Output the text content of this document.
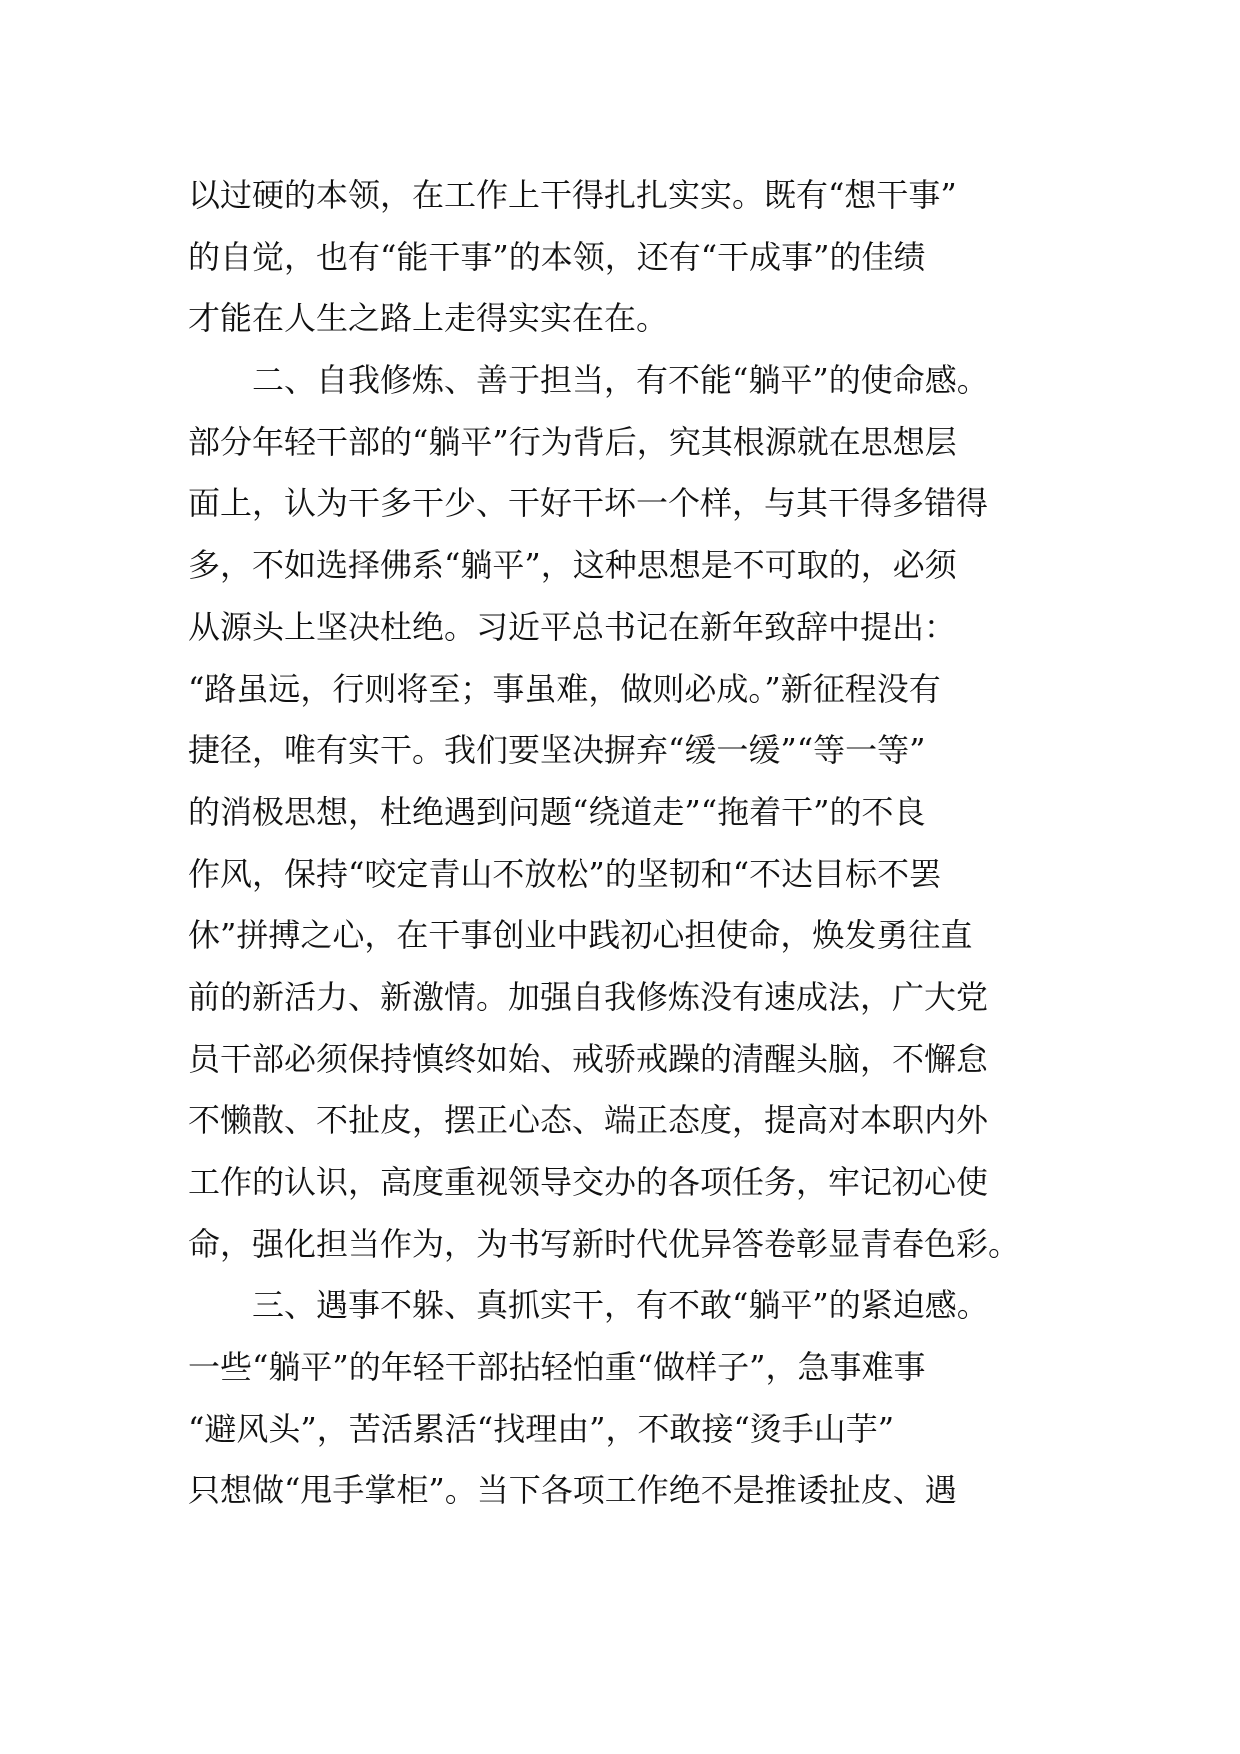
以过硬的本领，在工作上干得扎扎实实。既有“想干事”
的自觉，也有“能干事”的本领，还有“干成事”的佳绩
才能在人生之路上走得实实在在。
二、自我修炼、善于担当，有不能“躺平”的使命感。
部分年轻干部的“躺平”行为背后，究其根源就在思想层
面上，认为干多干少、干好干坏一个样，与其干得多错得
多，不如选择佛系“躺平”，这种思想是不可取的，必须
从源头上坚决杜绝。习近平总书记在新年致辞中提出：
“路虽远，行则将至；事虽难，做则必成。”新征程没有
捷径，唯有实干。我们要坚决摒弃“缓一缓”“等一等”
的消极思想，杜绝遇到问题“绕道走”“拖着干”的不良
作风，保持“咬定青山不放松”的坚韧和“不达目标不罢
休”拼搏之心，在干事创业中践初心担使命，焕发勇往直
前的新活力、新激情。加强自我修炼没有速成法，广大党
员干部必须保持慎终如始、戒骄戒躁的清醒头脑，不懈怠
不懒散、不扯皮，摆正心态、端正态度，提高对本职内外
工作的认识，高度重视领导交办的各项任务，牢记初心使
命，强化担当作为，为书写新时代优异答卷彰显青春色彩。
三、遇事不躲、真抓实干，有不敢“躺平”的紧迫感。
一些“躺平”的年轻干部拈轻怕重“做样子”，急事难事
“避风头”，苦活累活“找理由”，不敢接“烫手山芋”
只想做“甩手掌柜”。当下各项工作绝不是推诿扯皮、遇
